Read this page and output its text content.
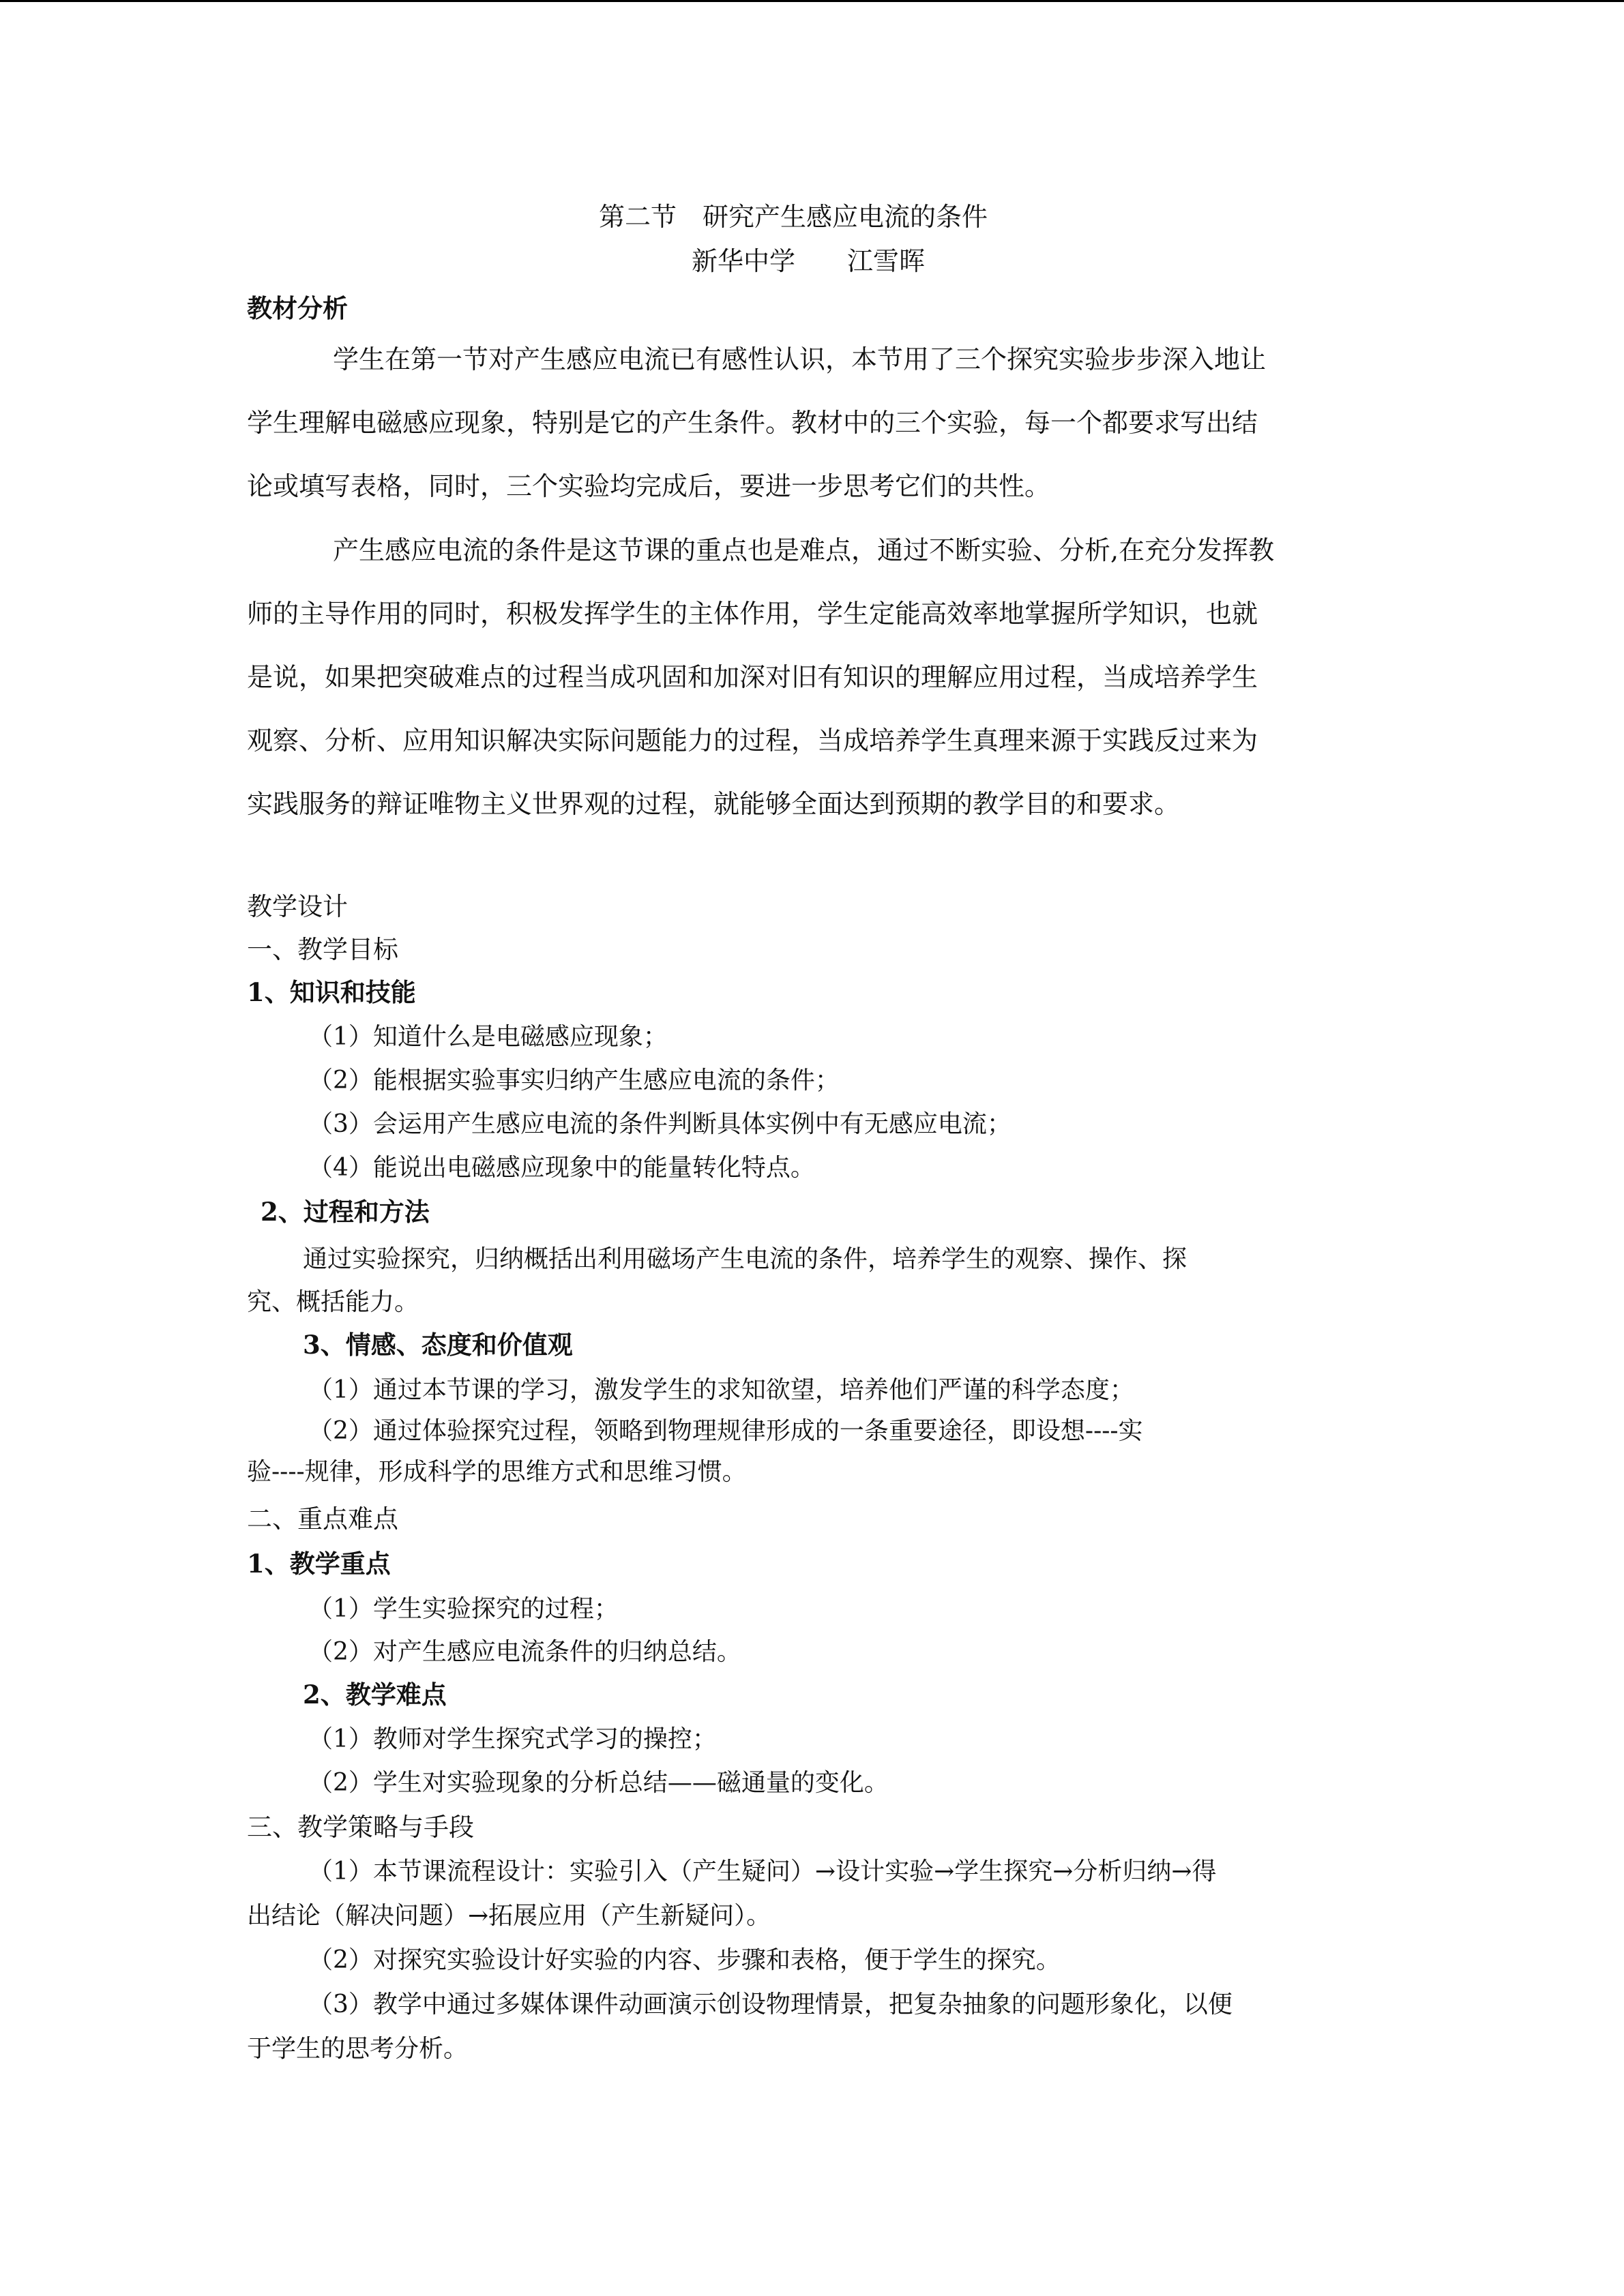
第二节　研究产生感应电流的条件
新华中学　　江雪晖
教材分析
学生在第一节对产生感应电流已有感性认识，本节用了三个探究实验步步深入地让
学生理解电磁感应现象，特别是它的产生条件。教材中的三个实验，每一个都要求写出结
论或填写表格，同时，三个实验均完成后，要进一步思考它们的共性。
产生感应电流的条件是这节课的重点也是难点，通过不断实验、分析,在充分发挥教
师的主导作用的同时，积极发挥学生的主体作用，学生定能高效率地掌握所学知识，也就
是说，如果把突破难点的过程当成巩固和加深对旧有知识的理解应用过程，当成培养学生
观察、分析、应用知识解决实际问题能力的过程，当成培养学生真理来源于实践反过来为
实践服务的辩证唯物主义世界观的过程，就能够全面达到预期的教学目的和要求。
教学设计
一、教学目标
1、知识和技能
（1）知道什么是电磁感应现象；
（2）能根据实验事实归纳产生感应电流的条件；
（3）会运用产生感应电流的条件判断具体实例中有无感应电流；
（4）能说出电磁感应现象中的能量转化特点。
2、过程和方法
通过实验探究，归纳概括出利用磁场产生电流的条件，培养学生的观察、操作、探
究、概括能力。
3、情感、态度和价值观
（1）通过本节课的学习，激发学生的求知欲望，培养他们严谨的科学态度；
（2）通过体验探究过程，领略到物理规律形成的一条重要途径，即设想----实
验----规律，形成科学的思维方式和思维习惯。
二、重点难点
1、教学重点
（1）学生实验探究的过程；
（2）对产生感应电流条件的归纳总结。
2、教学难点
（1）教师对学生探究式学习的操控；
（2）学生对实验现象的分析总结——磁通量的变化。
三、教学策略与手段
（1）本节课流程设计：实验引入（产生疑问）→设计实验→学生探究→分析归纳→得
出结论（解决问题）→拓展应用（产生新疑问）。
（2）对探究实验设计好实验的内容、步骤和表格，便于学生的探究。
（3）教学中通过多媒体课件动画演示创设物理情景，把复杂抽象的问题形象化，以便
于学生的思考分析。
